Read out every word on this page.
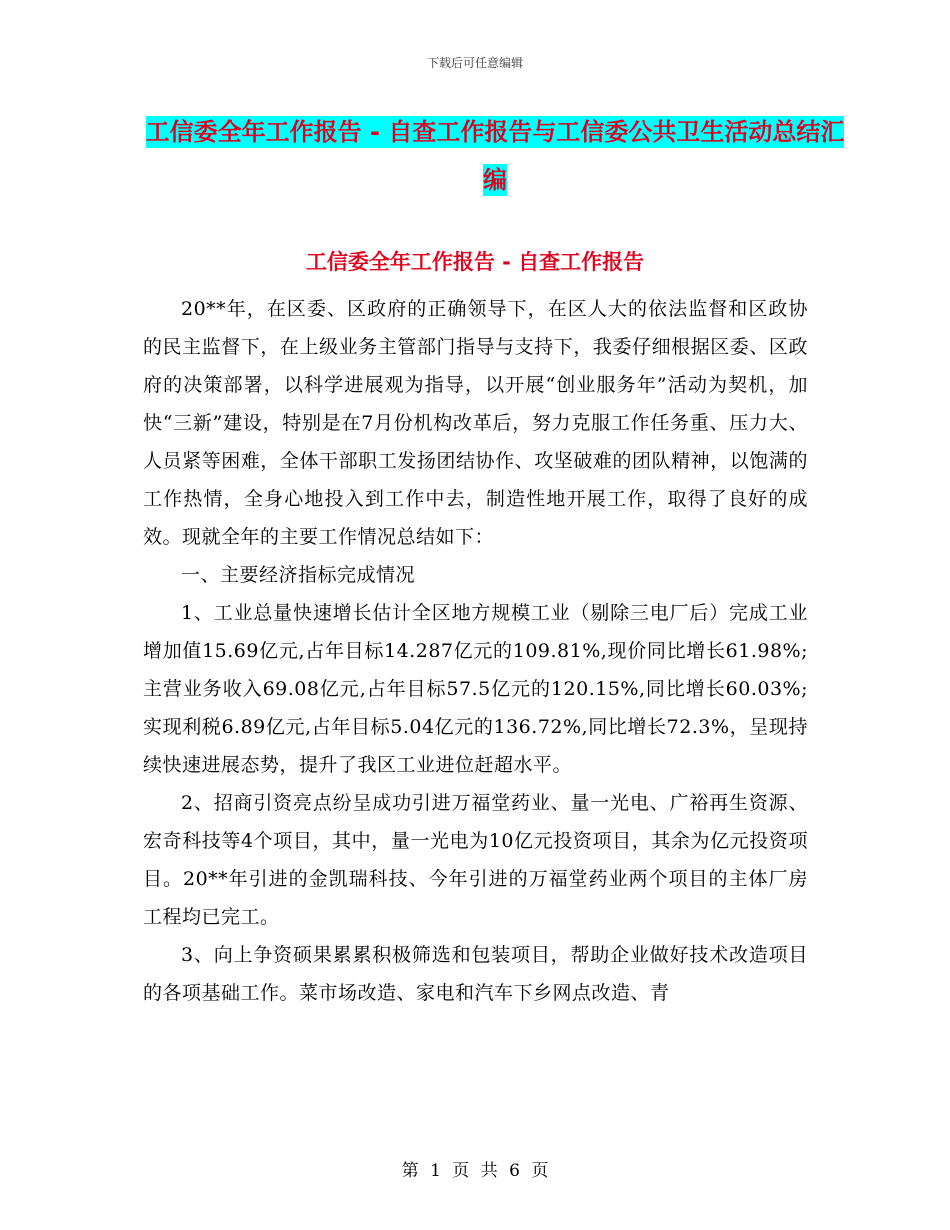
下载后可任意编辑
工信委全年工作报告 - 自查工作报告与工信委公共卫生活动总结汇编
工信委全年工作报告 - 自查工作报告

20**年，在区委、区政府的正确领导下，在区人大的依法监督和区政协的民主监督下，在上级业务主管部门指导与支持下，我委仔细根据区委、区政府的决策部署，以科学进展观为指导，以开展“创业服务年”活动为契机，加快“三新”建设，特别是在7月份机构改革后，努力克服工作任务重、压力大、人员紧等困难，全体干部职工发扬团结协作、攻坚破难的团队精神，以饱满的工作热情，全身心地投入到工作中去，制造性地开展工作，取得了良好的成效。现就全年的主要工作情况总结如下：

一、主要经济指标完成情况

1、工业总量快速增长估计全区地方规模工业（剔除三电厂后）完成工业增加值15.69亿元,占年目标14.287亿元的109.81%,现价同比增长61.98%;主营业务收入69.08亿元,占年目标57.5亿元的120.15%,同比增长60.03%;实现利税6.89亿元,占年目标5.04亿元的136.72%,同比增长72.3%，呈现持续快速进展态势，提升了我区工业进位赶超水平。

2、招商引资亮点纷呈成功引进万福堂药业、量一光电、广裕再生资源、宏奇科技等4个项目，其中，量一光电为10亿元投资项目，其余为亿元投资项目。20**年引进的金凯瑞科技、今年引进的万福堂药业两个项目的主体厂房工程均已完工。

3、向上争资硕果累累积极筛选和包装项目，帮助企业做好技术改造项目的各项基础工作。菜市场改造、家电和汽车下乡网点改造、青

第 1 页 共 6 页
